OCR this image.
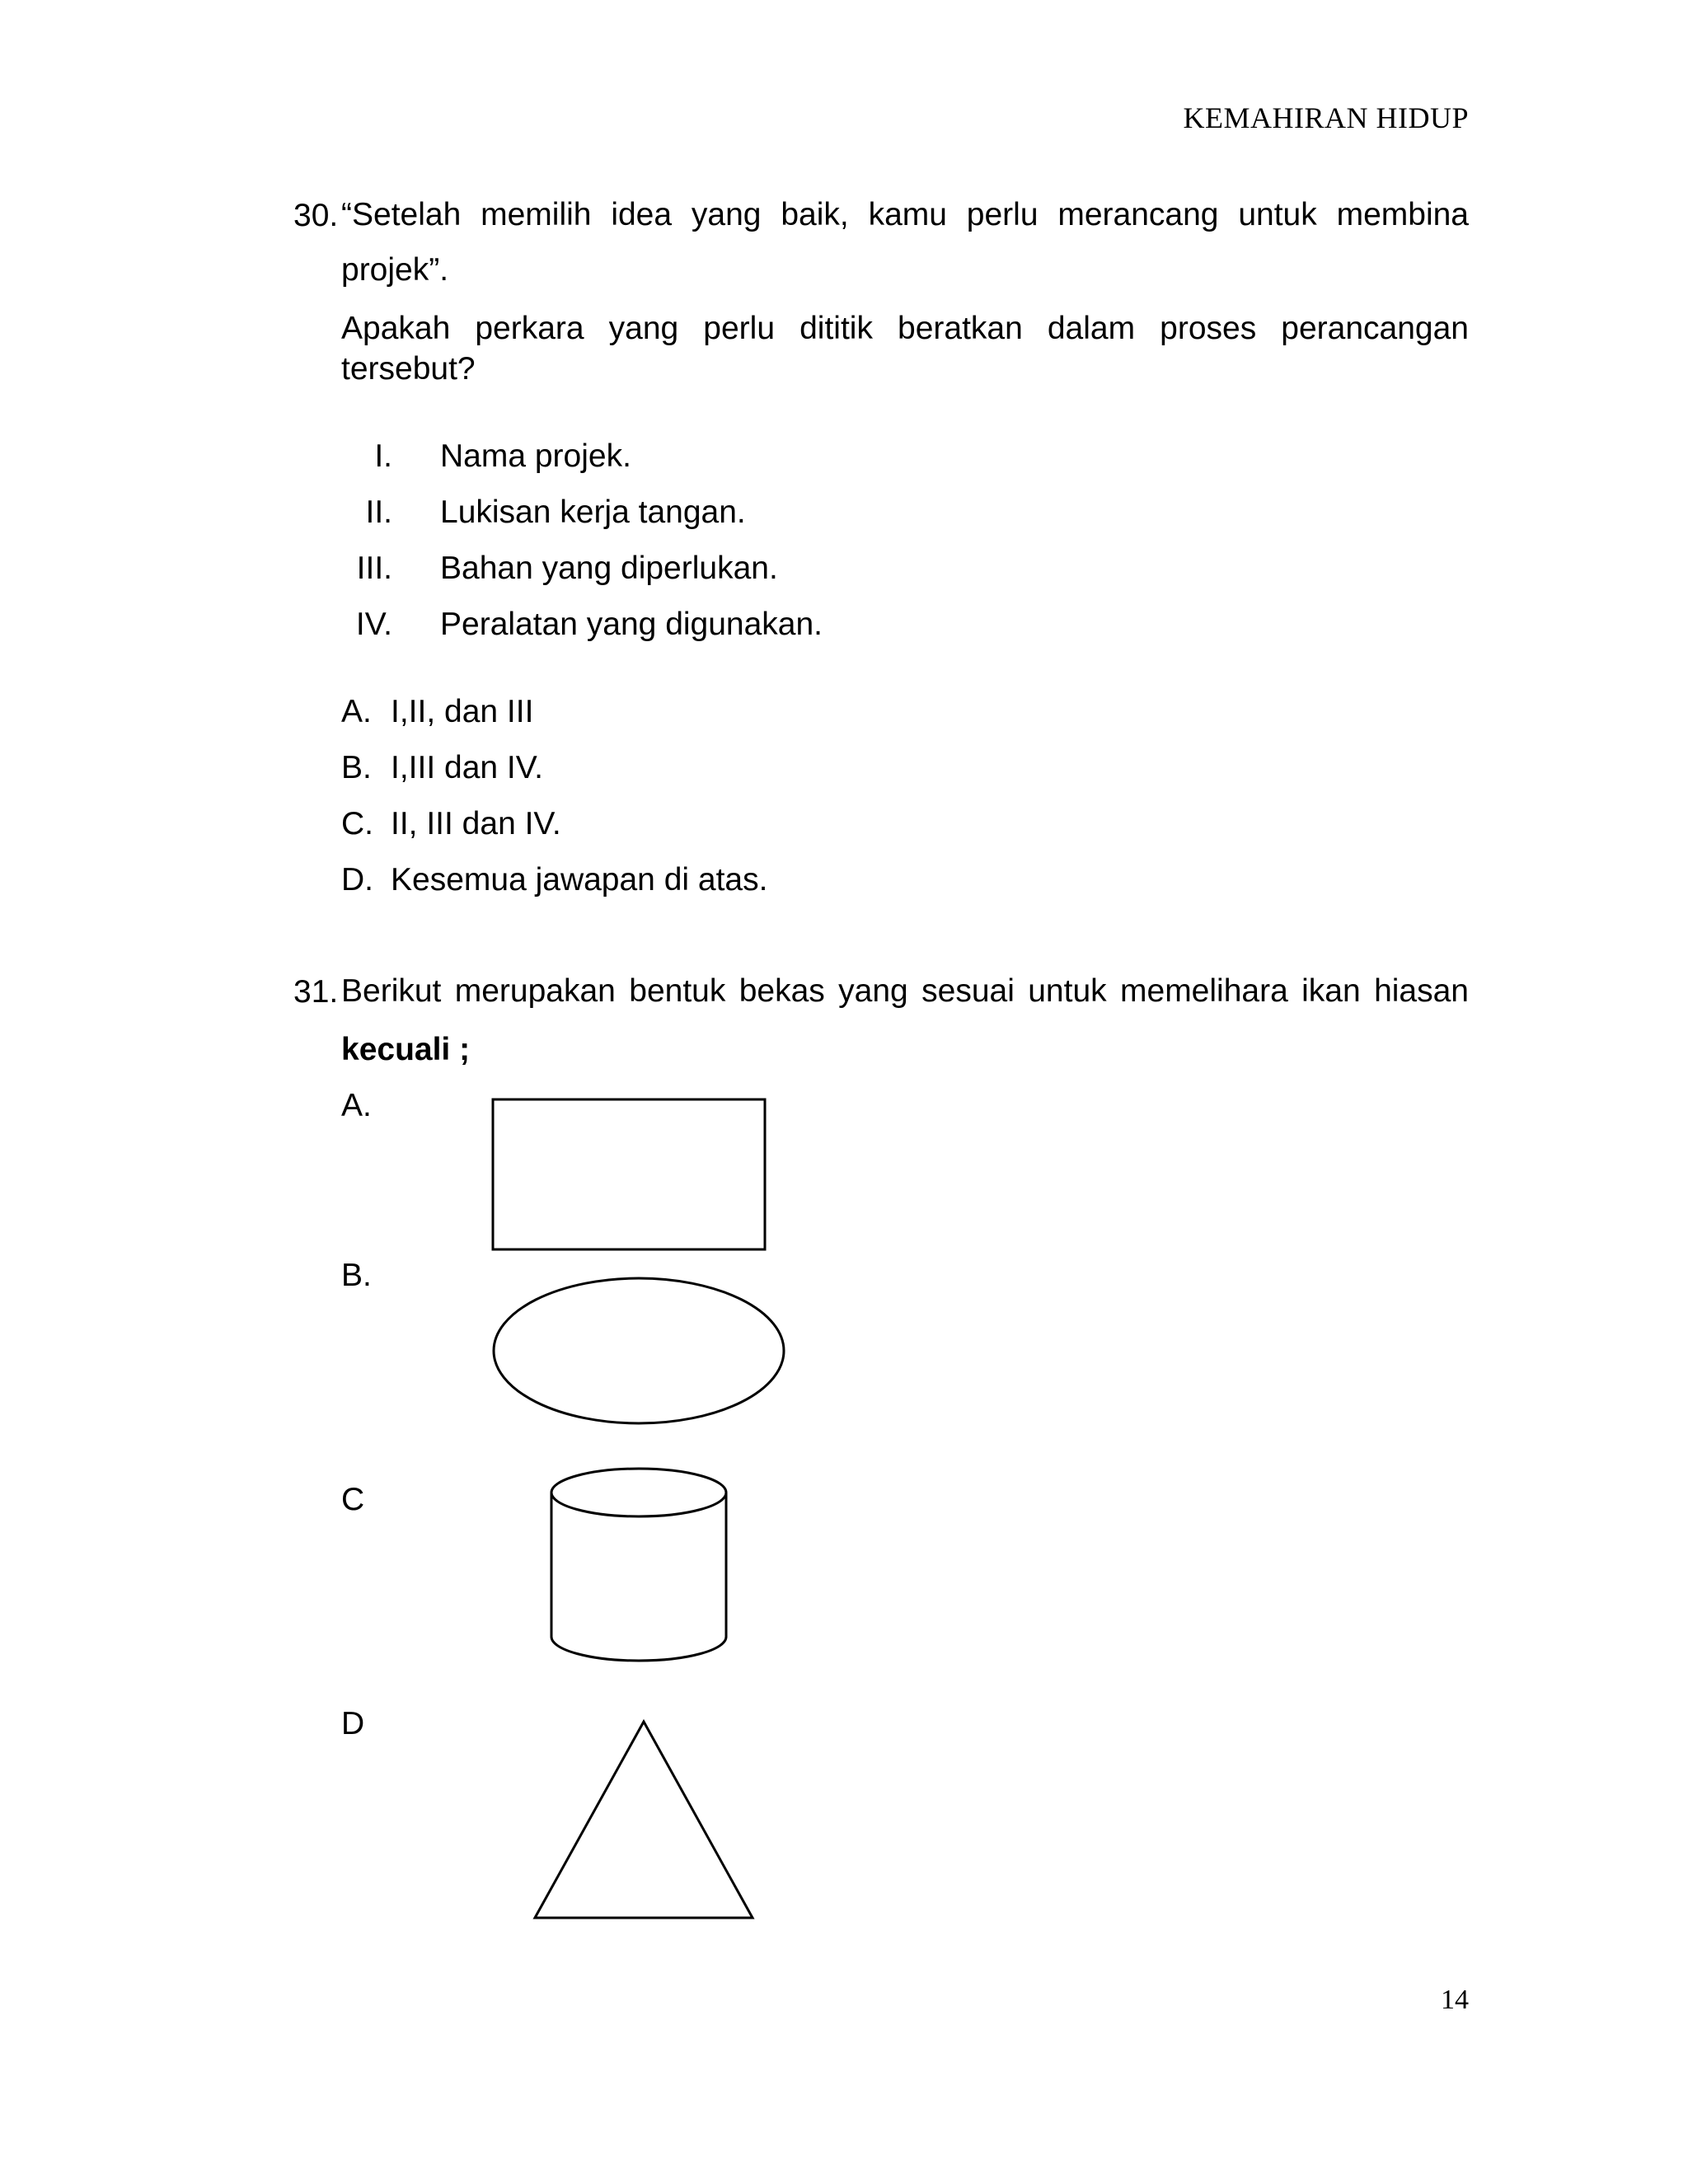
KEMAHIRAN HIDUP
30. “Setelah memilih idea yang baik, kamu perlu merancang untuk membina
projek”.
Apakah perkara yang perlu dititik beratkan dalam proses perancangan
tersebut?
I. Nama projek.
II. Lukisan kerja tangan.
III. Bahan yang diperlukan.
IV. Peralatan yang digunakan.
A. I,II, dan III
B. I,III dan IV.
C. II, III dan IV.
D. Kesemua jawapan di atas.
31. Berikut merupakan bentuk bekas yang sesuai untuk memelihara ikan hiasan
kecuali ;
A.
B.
C
D
14
